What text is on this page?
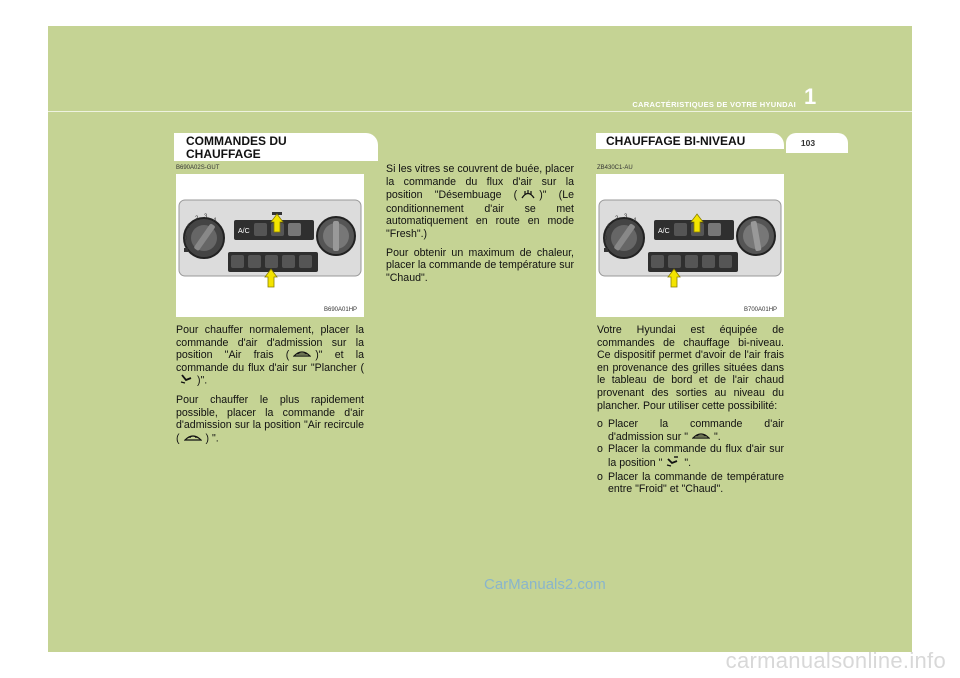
CARACTÉRISTIQUES DE VOTRE HYUNDAI 1
103
COMMANDES DU
CHAUFFAGE
B690A02S-GUT
0
1
2 3
4
A/C
B690A01HP

Pour chauffer normalement, placer la commande d'air d'admission sur la position "Air frais ( )" et la commande du flux d'air sur "Plancher ()".

Pour chauffer le plus rapidement possible, placer la commande d'air d'admission sur la position "Air recircule ( ) ".

Si les vitres se couvrent de buée, placer la commande du flux d'air sur la position "Désembuage ( )" (Le conditionnement d'air se met automatiquement en route en mode "Fresh".)

Pour obtenir un maximum de chaleur, placer la commande de température sur "Chaud".

CHAUFFAGE BI-NIVEAU
ZB430C1-AU
0
1
2 3
4
A/C
B700A01HP

Votre Hyundai est équipée de commandes de chauffage bi-niveau. Ce dispositif permet d'avoir de l'air frais en provenance des grilles situées dans le tableau de bord et de l'air chaud provenant des sorties au niveau du plancher. Pour utiliser cette possibilité:

o Placer la commande d'air d'admission sur " ".
o Placer la commande du flux d'air sur la position " ".
o Placer la commande de température entre "Froid" et "Chaud".
CarManuals2.com
carmanualsonline.info
